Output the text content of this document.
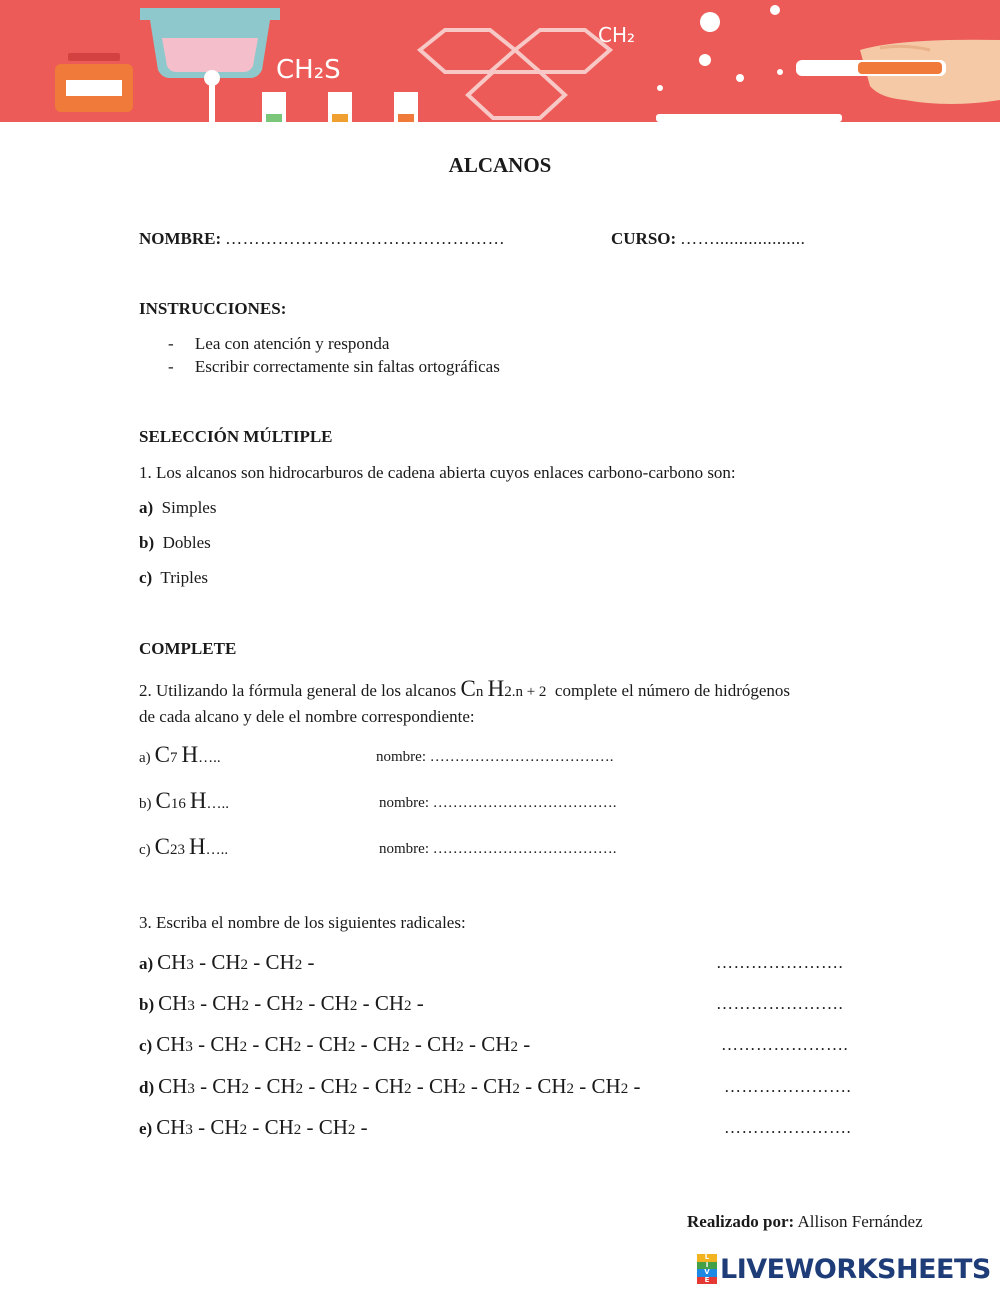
CH₂S
CH₂
ALCANOS
NOMBRE: …………………………………………	CURSO: ……...................
INSTRUCCIONES:
-     Lea con atención y responda
-     Escribir correctamente sin faltas ortográficas
SELECCIÓN MÚLTIPLE
1. Los alcanos son hidrocarburos de cadena abierta cuyos enlaces carbono-carbono son:
a) Simples
b) Dobles
c) Triples
COMPLETE
2. Utilizando la fórmula general de los alcanos Cn H2.n + 2 complete el número de hidrógenos
de cada alcano y dele el nombre correspondiente:
a) C7 H…..	nombre: ……………………………….
b) C16 H…..	nombre: ……………………………….
c) C23 H…..	nombre: ……………………………….
3. Escriba el nombre de los siguientes radicales:
a) CH3 - CH2 - CH2 -	………………….
b) CH3 - CH2 - CH2 - CH2 - CH2 -	………………….
c) CH3 - CH2 - CH2 - CH2 - CH2 - CH2 - CH2 -	………………….
d) CH3 - CH2 - CH2 - CH2 - CH2 - CH2 - CH2 - CH2 - CH2 -	………………….
e) CH3 - CH2 - CH2 - CH2 -	………………….
Realizado por: Allison Fernández
L
I
V
E LIVEWORKSHEETS
